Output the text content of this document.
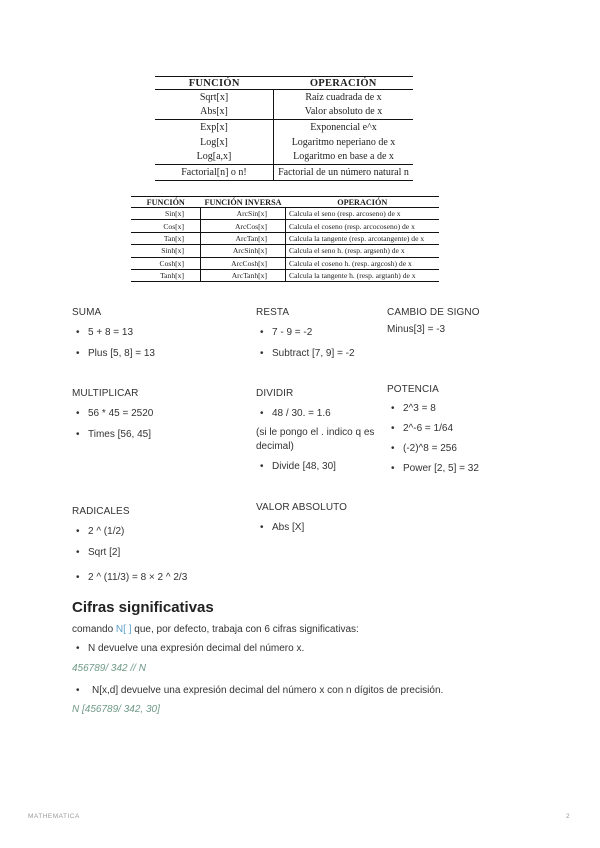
FUNCIÓN	OPERACIÓN
Sqrt[x]	Raíz cuadrada de x
Abs[x]	Valor absoluto de x
Exp[x]	Exponencial e^x
Log[x]	Logaritmo neperiano de x
Log[a,x]	Logaritmo en base a de x
Factorial[n] o n!	Factorial de un número natural n
FUNCIÓN	FUNCIÓN INVERSA	OPERACIÓN
Sin[x]	ArcSin[x]	Calcula el seno (resp. arcoseno) de x
Cos[x]	ArcCos[x]	Calcula el coseno (resp. arcocoseno) de x
Tan[x]	ArcTan[x]	Calcula la tangente (resp. arcotangente) de x
Sinh[x]	ArcSinh[x]	Calcula el seno h. (resp. argsenh) de x
Cosh[x]	ArcCosh[x]	Calcula el coseno h. (resp. argcosh) de x
Tanh[x]	ArcTanh[x]	Calcula la tangente h. (resp. argtanh) de x
SUMA
• 5 + 8 = 13
• Plus [5, 8] = 13
RESTA
• 7 - 9 = -2
• Subtract [7, 9] = -2
CAMBIO DE SIGNO
Minus[3] = -3
MULTIPLICAR
• 56 * 45 = 2520
• Times [56, 45]
DIVIDIR
• 48 / 30. = 1.6
(si le pongo el . indico q es decimal)
• Divide [48, 30]
POTENCIA
• 2^3 = 8
• 2^-6 = 1/64
• (-2)^8 = 256
• Power [2, 5] = 32
RADICALES
• 2 ^ (1/2)
• Sqrt [2]
• 2 ^ (11/3) = 8 × 2 ^ 2/3
VALOR ABSOLUTO
• Abs [X]
Cifras significativas
comando N[ ] que, por defecto, trabaja con 6 cifras significativas:
• N devuelve una expresión decimal del número x.
456789/ 342 // N
• N[x,d] devuelve una expresión decimal del número x con n dígitos de precisión.
N [456789/ 342, 30]
MATHEMATICA	2
